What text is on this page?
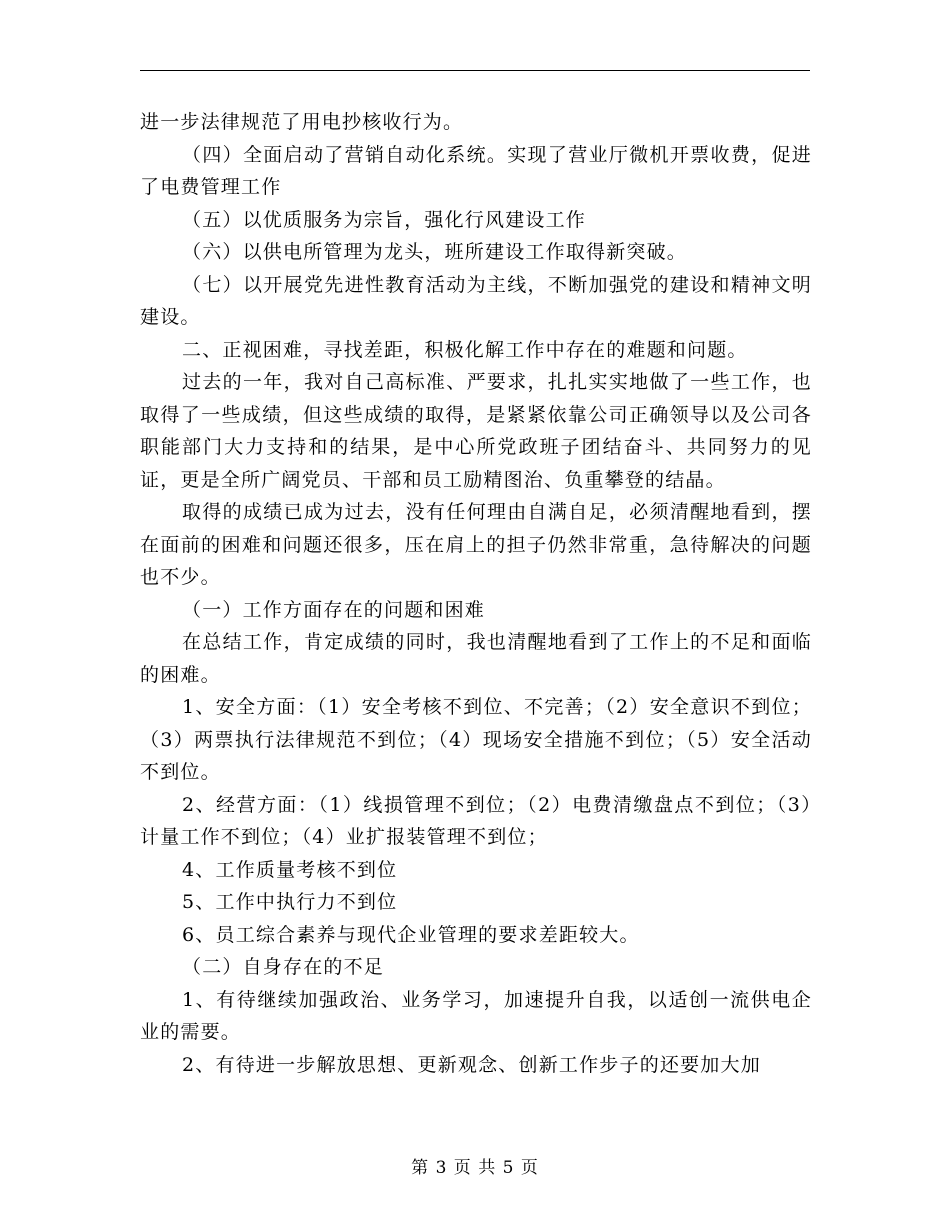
进一步法律规范了用电抄核收行为。

（四）全面启动了营销自动化系统。实现了营业厅微机开票收费，促进了电费管理工作

（五）以优质服务为宗旨，强化行风建设工作

（六）以供电所管理为龙头，班所建设工作取得新突破。

（七）以开展党先进性教育活动为主线，不断加强党的建设和精神文明建设。

二、正视困难，寻找差距，积极化解工作中存在的难题和问题。

过去的一年，我对自己高标准、严要求，扎扎实实地做了一些工作，也取得了一些成绩，但这些成绩的取得，是紧紧依靠公司正确领导以及公司各职能部门大力支持和的结果，是中心所党政班子团结奋斗、共同努力的见证，更是全所广阔党员、干部和员工励精图治、负重攀登的结晶。

取得的成绩已成为过去，没有任何理由自满自足，必须清醒地看到，摆在面前的困难和问题还很多，压在肩上的担子仍然非常重，急待解决的问题也不少。

（一）工作方面存在的问题和困难

在总结工作，肯定成绩的同时，我也清醒地看到了工作上的不足和面临的困难。

1、安全方面：（1）安全考核不到位、不完善；（2）安全意识不到位；（3）两票执行法律规范不到位；（4）现场安全措施不到位；（5）安全活动不到位。

2、经营方面：（1）线损管理不到位；（2）电费清缴盘点不到位；（3）计量工作不到位；（4）业扩报装管理不到位；

4、工作质量考核不到位

5、工作中执行力不到位

6、员工综合素养与现代企业管理的要求差距较大。

（二）自身存在的不足

1、有待继续加强政治、业务学习，加速提升自我，以适创一流供电企业的需要。

2、有待进一步解放思想、更新观念、创新工作步子的还要加大加

第 3 页 共 5 页
